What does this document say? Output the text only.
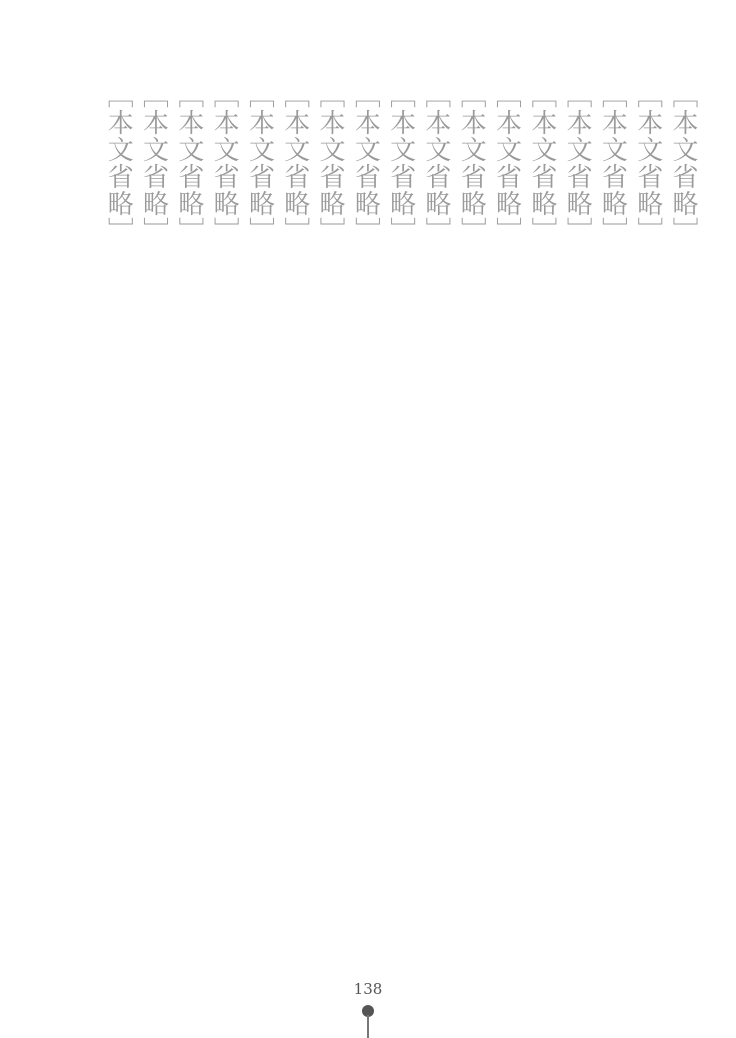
［本文省略］
［本文省略］
［本文省略］
［本文省略］
［本文省略］
［本文省略］
［本文省略］
［本文省略］
［本文省略］
［本文省略］
［本文省略］
［本文省略］
［本文省略］
［本文省略］
［本文省略］
［本文省略］
［本文省略］
138
